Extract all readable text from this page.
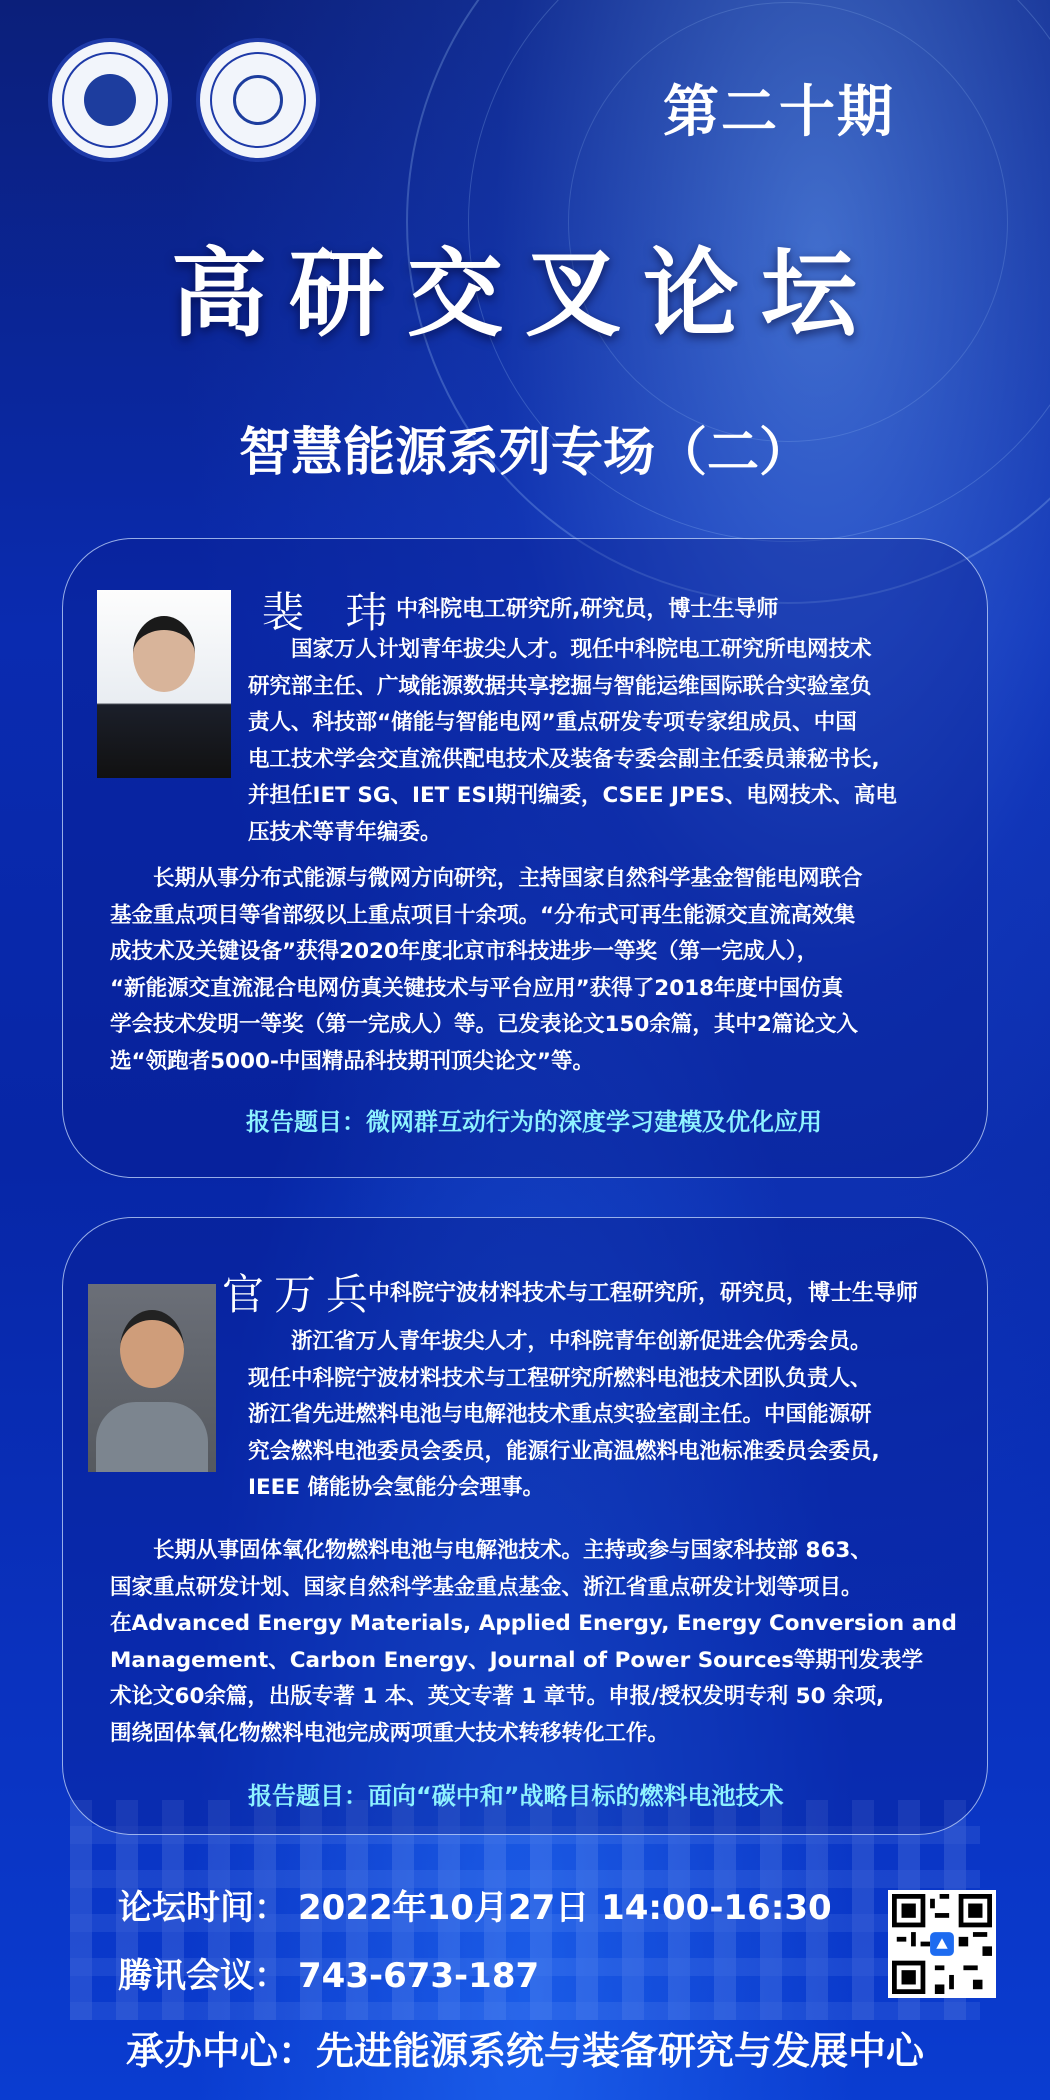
第二十期
高研交叉论坛
智慧能源系列专场（二）
裴 玮
中科院电工研究所,研究员，博士生导师
国家万人计划青年拔尖人才。现任中科院电工研究所电网技术
研究部主任、广域能源数据共享挖掘与智能运维国际联合实验室负
责人、科技部“储能与智能电网”重点研发专项专家组成员、中国
电工技术学会交直流供配电技术及装备专委会副主任委员兼秘书长,
并担任IET SG、IET ESI期刊编委，CSEE JPES、电网技术、高电
压技术等青年编委。
长期从事分布式能源与微网方向研究，主持国家自然科学基金智能电网联合
基金重点项目等省部级以上重点项目十余项。“分布式可再生能源交直流高效集
成技术及关键设备”获得2020年度北京市科技进步一等奖（第一完成人），
“新能源交直流混合电网仿真关键技术与平台应用”获得了2018年度中国仿真
学会技术发明一等奖（第一完成人）等。已发表论文150余篇，其中2篇论文入
选“领跑者5000-中国精品科技期刊顶尖论文”等。
报告题目：微网群互动行为的深度学习建模及优化应用
官万兵
中科院宁波材料技术与工程研究所，研究员，博士生导师
浙江省万人青年拔尖人才，中科院青年创新促进会优秀会员。
现任中科院宁波材料技术与工程研究所燃料电池技术团队负责人、
浙江省先进燃料电池与电解池技术重点实验室副主任。中国能源研
究会燃料电池委员会委员，能源行业高温燃料电池标准委员会委员,
IEEE 储能协会氢能分会理事。
长期从事固体氧化物燃料电池与电解池技术。主持或参与国家科技部 863、
国家重点研发计划、国家自然科学基金重点基金、浙江省重点研发计划等项目。
在Advanced Energy Materials, Applied Energy, Energy Conversion and
Management、Carbon Energy、Journal of Power Sources等期刊发表学
术论文60余篇，出版专著 1 本、英文专著 1 章节。申报/授权发明专利 50 余项,
围绕固体氧化物燃料电池完成两项重大技术转移转化工作。
报告题目：面向“碳中和”战略目标的燃料电池技术
论坛时间： 2022年10月27日 14:00-16:30
腾讯会议： 743-673-187
承办中心：先进能源系统与装备研究与发展中心
